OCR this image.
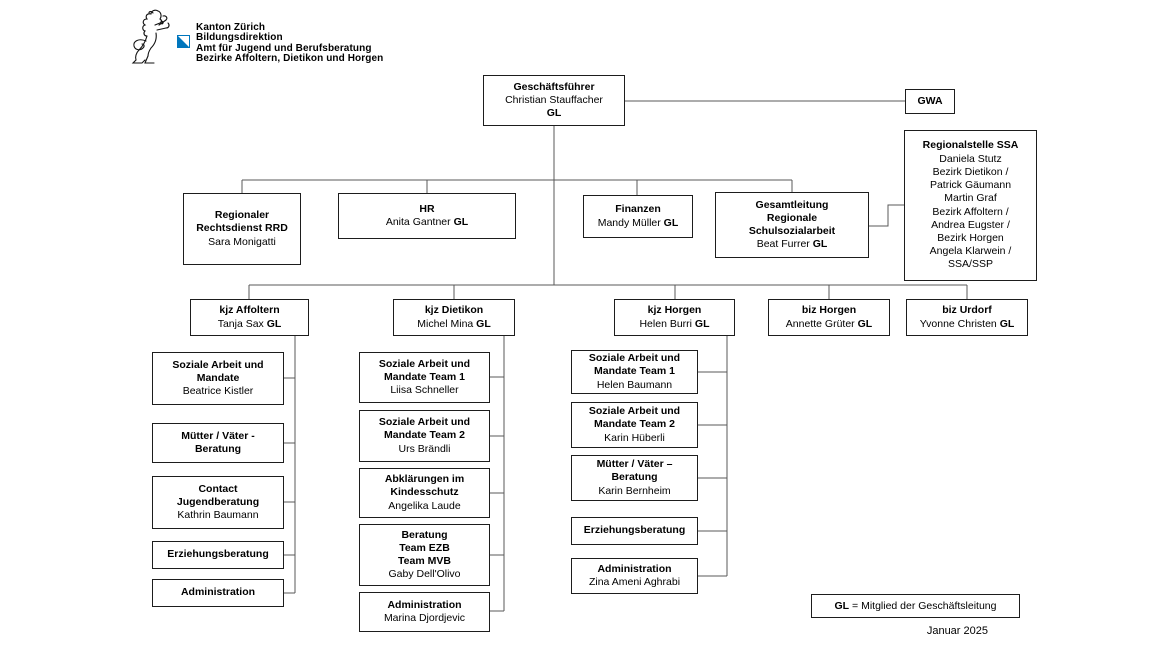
Kanton Zürich
Bildungsdirektion
Amt für Jugend und Berufsberatung
Bezirke Affoltern, Dietikon und Horgen
Geschäftsführer
Christian Stauffacher
GL
GWA
Regionalstelle SSA
Daniela Stutz
Bezirk Dietikon /
Patrick Gäumann
Martin Graf
Bezirk Affoltern /
Andrea Eugster /
Bezirk Horgen
Angela Klarwein /
SSA/SSP
Regionaler
Rechtsdienst RRD
Sara Monigatti
HR
Anita Gantner GL
Finanzen
Mandy Müller GL
Gesamtleitung
Regionale
Schulsozialarbeit
Beat Furrer GL
kjz Affoltern
Tanja Sax GL
kjz Dietikon
Michel Mina GL
kjz Horgen
Helen Burri GL
biz Horgen
Annette Grüter GL
biz Urdorf
Yvonne Christen GL
Soziale Arbeit und
Mandate
Beatrice Kistler
Mütter / Väter -
Beratung
Contact
Jugendberatung
Kathrin Baumann
Erziehungsberatung
Administration
Soziale Arbeit und
Mandate Team 1
Liisa Schneller
Soziale Arbeit und
Mandate Team 2
Urs Brändli
Abklärungen im
Kindesschutz
Angelika Laude
Beratung
Team EZB
Team MVB
Gaby Dell'Olivo
Administration
Marina Djordjevic
Soziale Arbeit und
Mandate Team 1
Helen Baumann
Soziale Arbeit und
Mandate Team 2
Karin Hüberli
Mütter / Väter –
Beratung
Karin Bernheim
Erziehungsberatung
Administration
Zina Ameni Aghrabi
GL = Mitglied der Geschäftsleitung
Januar 2025
